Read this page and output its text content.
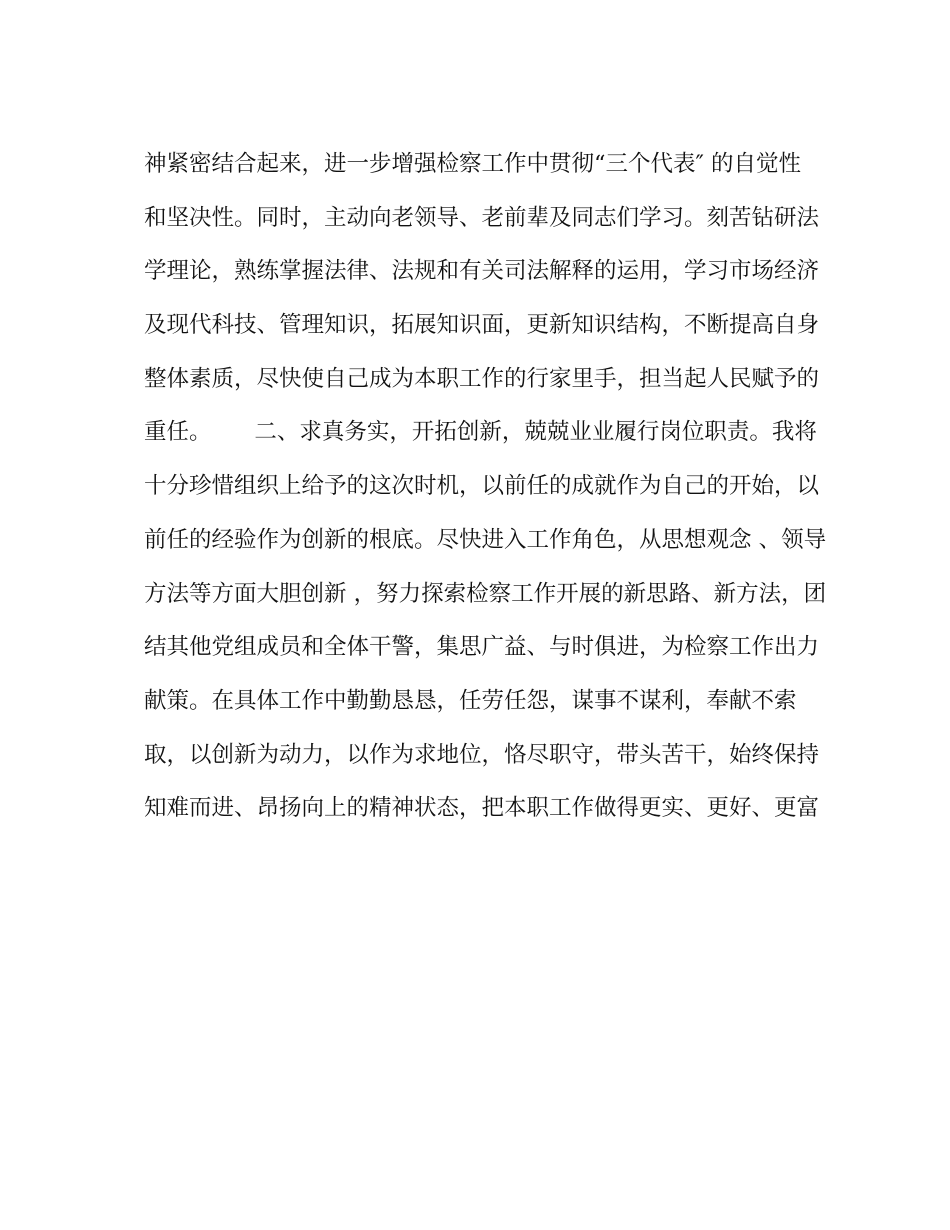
神紧密结合起来，进一步增强检察工作中贯彻“三个代表″ 的自觉性
和坚决性。同时，主动向老领导、老前辈及同志们学习。刻苦钻研法
学理论，熟练掌握法律、法规和有关司法解释的运用，学习市场经济
及现代科技、管理知识，拓展知识面，更新知识结构，不断提高自身
整体素质，尽快使自己成为本职工作的行家里手，担当起人民赋予的
重任。      二、求真务实，开拓创新，兢兢业业履行岗位职责。我将
十分珍惜组织上给予的这次时机，以前任的成就作为自己的开始，以
前任的经验作为创新的根底。尽快进入工作角色，从思想观念 、领导
方法等方面大胆创新 ，努力探索检察工作开展的新思路、新方法，团
结其他党组成员和全体干警，集思广益、与时俱进，为检察工作出力
献策。在具体工作中勤勤恳恳，任劳任怨，谋事不谋利，奉献不索
取，以创新为动力，以作为求地位，恪尽职守，带头苦干，始终保持
知难而进、昂扬向上的精神状态，把本职工作做得更实、更好、更富
